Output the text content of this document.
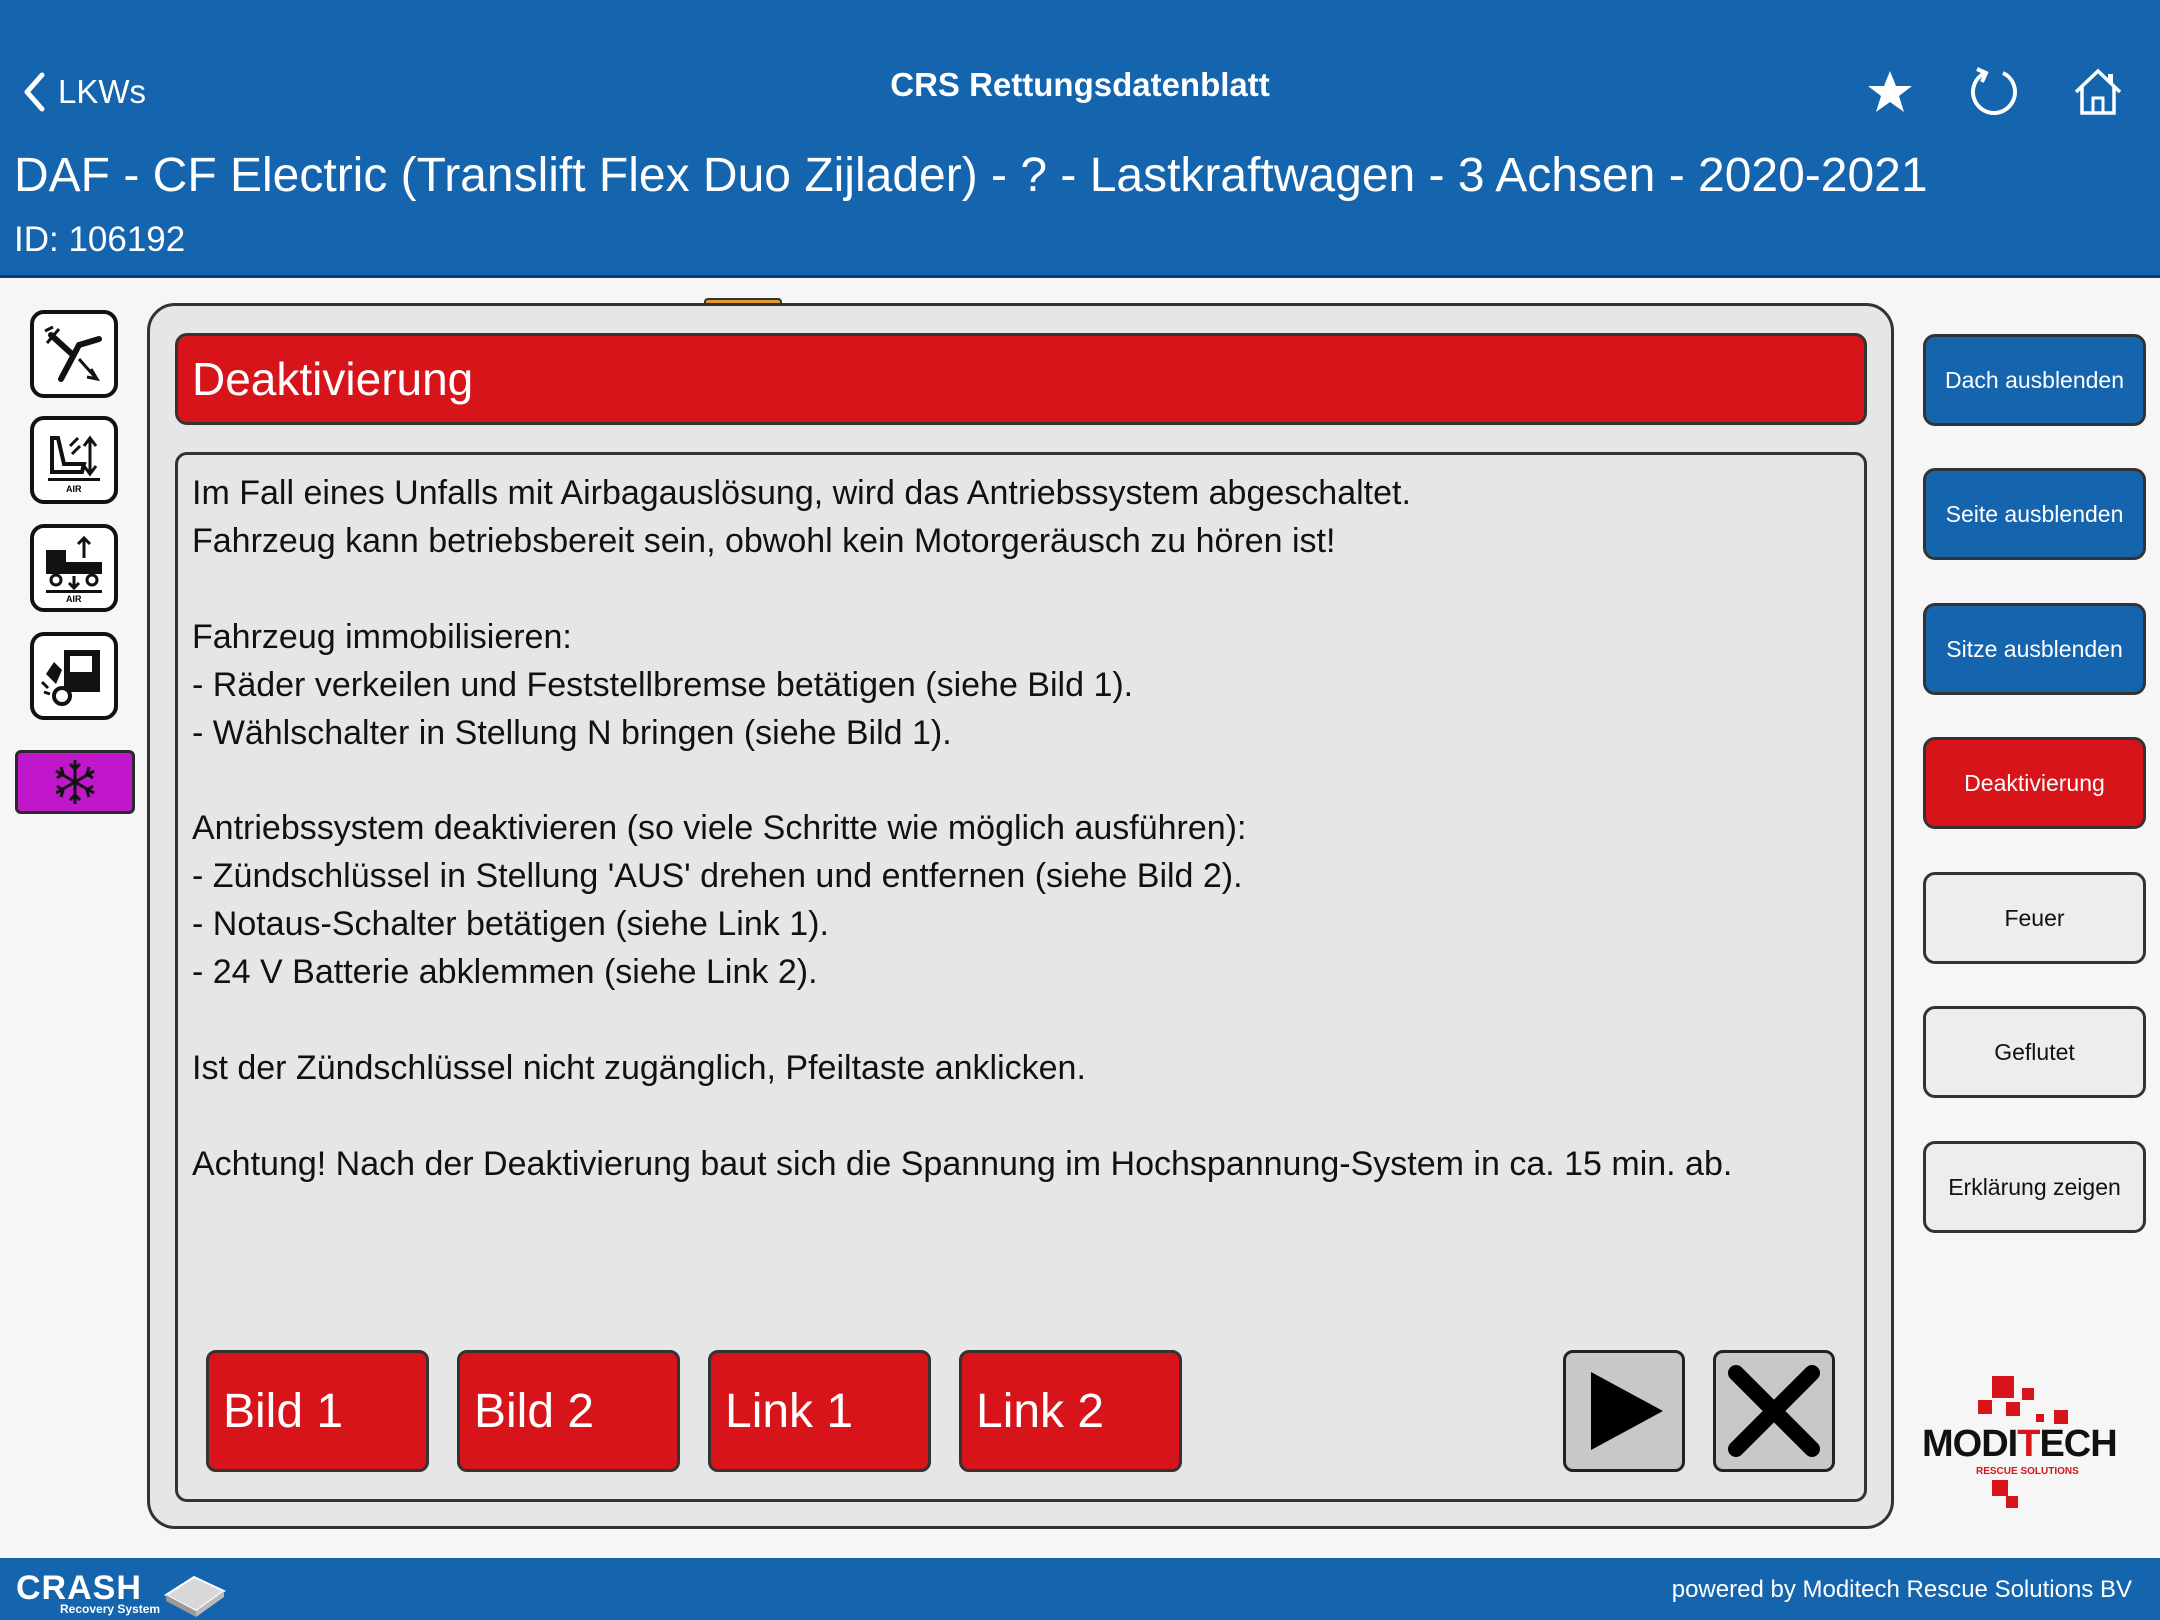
LKWs	CRS Rettungsdatenblatt
DAF - CF Electric (Translift Flex Duo Zijlader) - ? - Lastkraftwagen - 3 Achsen - 2020-2021
ID: 106192
AIR
AIR
Deaktivierung
Im Fall eines Unfalls mit Airbagauslösung, wird das Antriebssystem abgeschaltet.
Fahrzeug kann betriebsbereit sein, obwohl kein Motorgeräusch zu hören ist!

Fahrzeug immobilisieren:
- Räder verkeilen und Feststellbremse betätigen (siehe Bild 1).
- Wählschalter in Stellung N bringen (siehe Bild 1).

Antriebssystem deaktivieren (so viele Schritte wie möglich ausführen):
- Zündschlüssel in Stellung 'AUS' drehen und entfernen (siehe Bild 2).
- Notaus-Schalter betätigen (siehe Link 1).
- 24 V Batterie abklemmen (siehe Link 2).

Ist der Zündschlüssel nicht zugänglich, Pfeiltaste anklicken.

Achtung! Nach der Deaktivierung baut sich die Spannung im Hochspannung-System in ca. 15 min. ab.
Bild 1	Bild 2	Link 1	Link 2
Dach ausblenden
Seite ausblenden
Sitze ausblenden
Deaktivierung
Feuer
Geflutet
Erklärung zeigen
MODITECH
RESCUE SOLUTIONS
CRASH
Recovery System
powered by Moditech Rescue Solutions BV
